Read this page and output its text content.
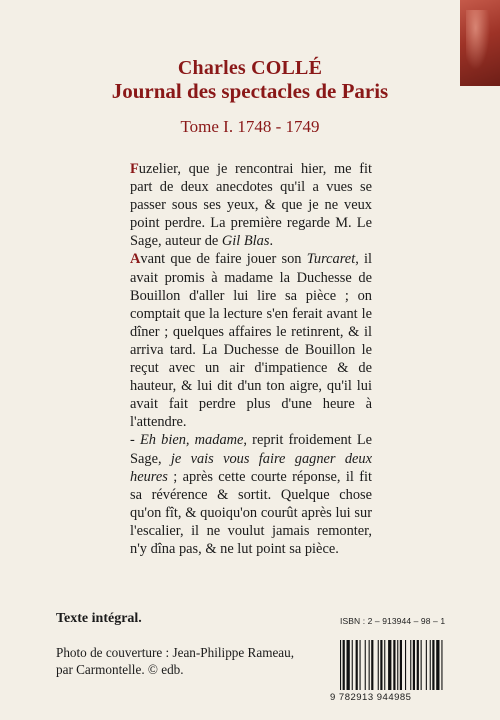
Charles COLLÉ
Journal des spectacles de Paris
Tome I. 1748 - 1749

Fuzelier, que je rencontrai hier, me fit part de deux anecdotes qu'il a vues se passer sous ses yeux, & que je ne veux point perdre. La première regarde M. Le Sage, auteur de Gil Blas.

Avant que de faire jouer son Turcaret, il avait promis à madame la Duchesse de Bouillon d'aller lui lire sa pièce ; on comptait que la lecture s'en ferait avant le dîner ; quelques affaires le retinrent, & il arriva tard. La Duchesse de Bouillon le reçut avec un air d'impatience & de hauteur, & lui dit d'un ton aigre, qu'il lui avait fait perdre plus d'une heure à l'attendre.

- Eh bien, madame, reprit froidement Le Sage, je vais vous faire gagner deux heures ; après cette courte réponse, il fit sa révérence & sortit. Quelque chose qu'on fît, & quoiqu'on courût après lui sur l'escalier, il ne voulut jamais remonter, n'y dîna pas, & ne lut point sa pièce.

Texte intégral.	ISBN : 2 – 913944 – 98 – 1
Photo de couverture : Jean-Philippe Rameau,
par Carmontelle. © edb.
9 782913 944985
